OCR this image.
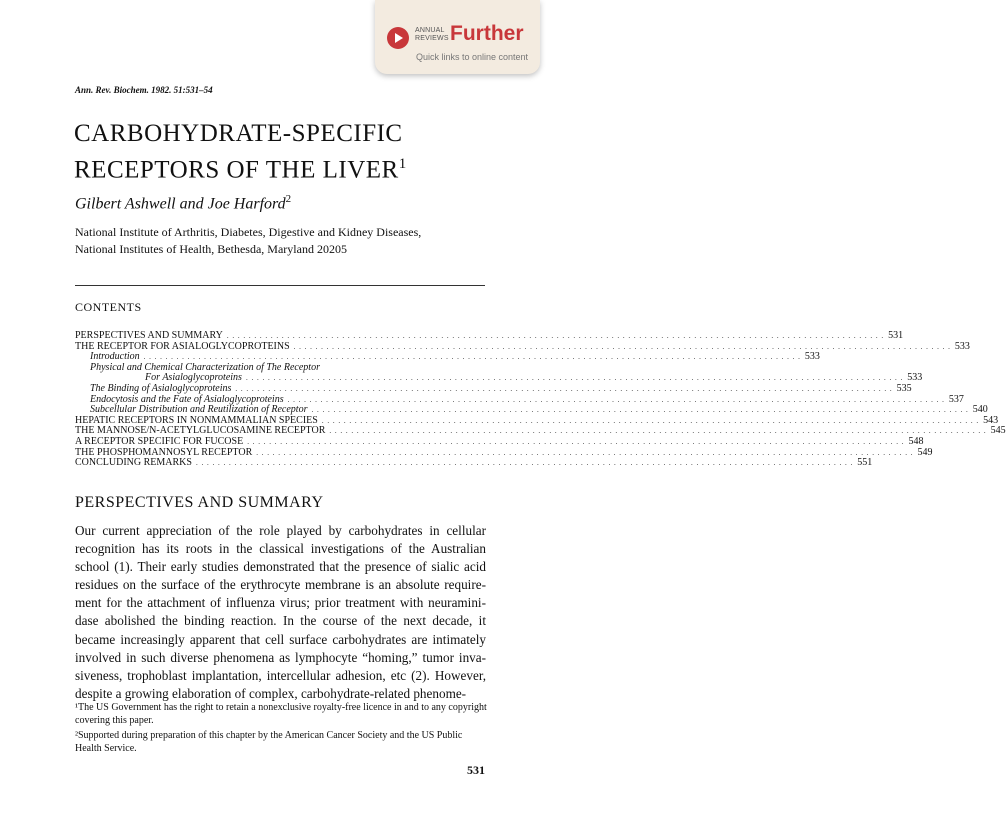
ANNUAL
REVIEWS Further
Quick links to online content
Ann. Rev. Biochem. 1982. 51:531–54
CARBOHYDRATE-SPECIFIC
RECEPTORS OF THE LIVER$^1$
Gilbert Ashwell and Joe Harford$^2$
National Institute of Arthritis, Diabetes, Digestive and Kidney Diseases,
National Institutes of Health, Bethesda, Maryland 20205
CONTENTS
PERSPECTIVES AND SUMMARY . . . . . . . . . . . . . . . . . . . . . . . . . . . . . . . . . . . . . . . . . . . . . . . . . . . . . . . . . . . . . . . . . . . . . . . . . . . . . . . . . . . . . . . . . . . . . . . . . . . . . . . . . . . . . . . . . . . . . . . . 531
THE RECEPTOR FOR ASIALOGLYCOPROTEINS . . . . . . . . . . . . . . . . . . . . . . . . . . . . . . . . . . . . . . . . . . . . . . . . . . . . . . . . . . . . . . . . . . . . . . . . . . . . . . . . . . . . . . . . . . . . . . . . . . . . . . . . . . . . . . . . . . . . . . . . 533
Introduction . . . . . . . . . . . . . . . . . . . . . . . . . . . . . . . . . . . . . . . . . . . . . . . . . . . . . . . . . . . . . . . . . . . . . . . . . . . . . . . . . . . . . . . . . . . . . . . . . . . . . . . . . . . . . . . . . . . . . . . . 533
Physical and Chemical Characterization of The Receptor
For Asialoglycoproteins . . . . . . . . . . . . . . . . . . . . . . . . . . . . . . . . . . . . . . . . . . . . . . . . . . . . . . . . . . . . . . . . . . . . . . . . . . . . . . . . . . . . . . . . . . . . . . . . . . . . . . . . . . . . . . . . . . . . . . . . 533
The Binding of Asialoglycoproteins . . . . . . . . . . . . . . . . . . . . . . . . . . . . . . . . . . . . . . . . . . . . . . . . . . . . . . . . . . . . . . . . . . . . . . . . . . . . . . . . . . . . . . . . . . . . . . . . . . . . . . . . . . . . . . . . . . . . . . . . 535
Endocytosis and the Fate of Asialoglycoproteins . . . . . . . . . . . . . . . . . . . . . . . . . . . . . . . . . . . . . . . . . . . . . . . . . . . . . . . . . . . . . . . . . . . . . . . . . . . . . . . . . . . . . . . . . . . . . . . . . . . . . . . . . . . . . . . . . . . . . . . . 537
Subcellular Distribution and Reutilization of Receptor . . . . . . . . . . . . . . . . . . . . . . . . . . . . . . . . . . . . . . . . . . . . . . . . . . . . . . . . . . . . . . . . . . . . . . . . . . . . . . . . . . . . . . . . . . . . . . . . . . . . . . . . . . . . . . . . . . . . . . . . 540
HEPATIC RECEPTORS IN NONMAMMALIAN SPECIES . . . . . . . . . . . . . . . . . . . . . . . . . . . . . . . . . . . . . . . . . . . . . . . . . . . . . . . . . . . . . . . . . . . . . . . . . . . . . . . . . . . . . . . . . . . . . . . . . . . . . . . . . . . . . . . . . . . . . . . . 543
THE MANNOSE/N-ACETYLGLUCOSAMINE RECEPTOR . . . . . . . . . . . . . . . . . . . . . . . . . . . . . . . . . . . . . . . . . . . . . . . . . . . . . . . . . . . . . . . . . . . . . . . . . . . . . . . . . . . . . . . . . . . . . . . . . . . . . . . . . . . . . . . . . . . . . . . . 545
A RECEPTOR SPECIFIC FOR FUCOSE . . . . . . . . . . . . . . . . . . . . . . . . . . . . . . . . . . . . . . . . . . . . . . . . . . . . . . . . . . . . . . . . . . . . . . . . . . . . . . . . . . . . . . . . . . . . . . . . . . . . . . . . . . . . . . . . . . . . . . . . 548
THE PHOSPHOMANNOSYL RECEPTOR . . . . . . . . . . . . . . . . . . . . . . . . . . . . . . . . . . . . . . . . . . . . . . . . . . . . . . . . . . . . . . . . . . . . . . . . . . . . . . . . . . . . . . . . . . . . . . . . . . . . . . . . . . . . . . . . . . . . . . . . 549
CONCLUDING REMARKS . . . . . . . . . . . . . . . . . . . . . . . . . . . . . . . . . . . . . . . . . . . . . . . . . . . . . . . . . . . . . . . . . . . . . . . . . . . . . . . . . . . . . . . . . . . . . . . . . . . . . . . . . . . . . . . . . . . . . . . . 551
PERSPECTIVES AND SUMMARY
Our current appreciation of the role played by carbohydrates in cellular recognition has its roots in the classical investigations of the Australian school (1). Their early studies demonstrated that the presence of sialic acid residues on the surface of the erythrocyte membrane is an absolute require-ment for the attachment of influenza virus; prior treatment with neuramini-dase abolished the binding reaction. In the course of the next decade, it became increasingly apparent that cell surface carbohydrates are intimately involved in such diverse phenomena as lymphocyte “homing,” tumor inva-siveness, trophoblast implantation, intercellular adhesion, etc (2). However, despite a growing elaboration of complex, carbohydrate-related phenome-
¹The US Government has the right to retain a nonexclusive royalty-free licence in and to any copyright covering this paper.
²Supported during preparation of this chapter by the American Cancer Society and the US Public Health Service.
531
